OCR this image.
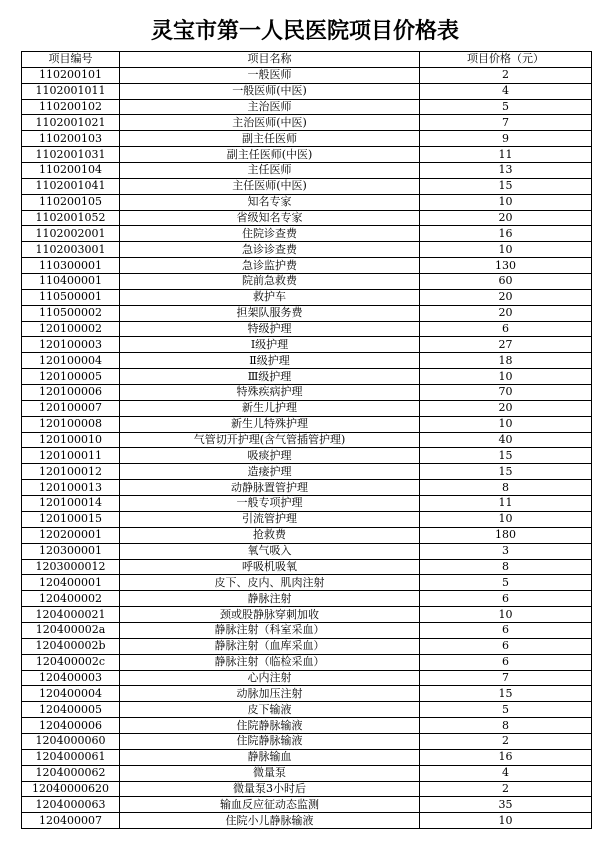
灵宝市第一人民医院项目价格表
项目编号	项目名称	项目价格（元）
110200101	一般医师	2
1102001011	一般医师(中医)	4
110200102	主治医师	5
1102001021	主治医师(中医)	7
110200103	副主任医师	9
1102001031	副主任医师(中医)	11
110200104	主任医师	13
1102001041	主任医师(中医)	15
110200105	知名专家	10
1102001052	省级知名专家	20
1102002001	住院诊查费	16
1102003001	急诊诊查费	10
110300001	急诊监护费	130
110400001	院前急救费	60
110500001	救护车	20
110500002	担架队服务费	20
120100002	特级护理	6
120100003	Ⅰ级护理	27
120100004	Ⅱ级护理	18
120100005	Ⅲ级护理	10
120100006	特殊疾病护理	70
120100007	新生儿护理	20
120100008	新生儿特殊护理	10
120100010	气管切开护理(含气管插管护理)	40
120100011	吸痰护理	15
120100012	造瘘护理	15
120100013	动静脉置管护理	8
120100014	一般专项护理	11
120100015	引流管护理	10
120200001	抢救费	180
120300001	氧气吸入	3
1203000012	呼吸机吸氧	8
120400001	皮下、皮内、肌肉注射	5
120400002	静脉注射	6
1204000021	颈或股静脉穿刺加收	10
120400002a	静脉注射（科室采血）	6
120400002b	静脉注射（血库采血）	6
120400002c	静脉注射（临检采血）	6
120400003	心内注射	7
120400004	动脉加压注射	15
120400005	皮下输液	5
120400006	住院静脉输液	8
1204000060	住院静脉输液	2
1204000061	静脉输血	16
1204000062	微量泵	4
12040000620	微量泵3小时后	2
1204000063	输血反应征动态监测	35
120400007	住院小儿静脉输液	10
